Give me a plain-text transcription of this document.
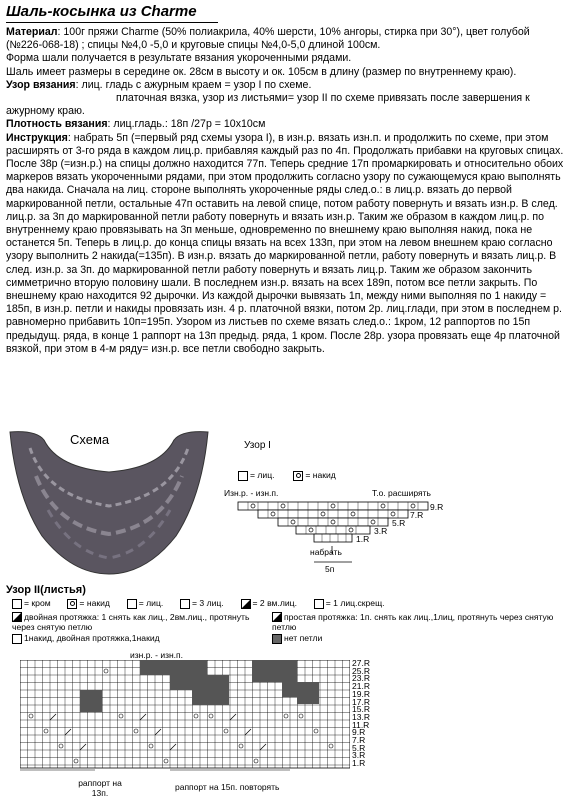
Шаль-косынка из Charme

Материал: 100г пряжи Charme (50% полиакрила, 40% шерсти, 10% ангоры, стирка при 30°), цвет голубой (№226-068-18) ; спицы №4,0 -5,0 и круговые спицы №4,0-5,0 длиной 100см.

Форма шали получается в результате вязания укороченными рядами.

Шаль имеет размеры в середине ок. 28см в высоту и ок. 105см в длину (размер по внутреннему краю).

Узор вязания: лиц. гладь с ажурным краем = узор I по схеме.

платочная вязка, узор из листьями= узор II по схеме привязать после завершения к ажурному краю.

Плотность вязания: лиц.гладь.: 18п /27р = 10х10см

Инструкция: набрать 5п (=первый ряд схемы узора I), в изн.р. вязать изн.п. и продолжить по схеме, при этом расширять от 3-го ряда в каждом лиц.р. прибавляя каждый раз по 4п. Продолжать прибавки на круговых спицах. После 38р (=изн.р.) на спицы должно находится 77п. Теперь средние 17п промаркировать и относительно обоих маркеров вязать укороченными рядами, при этом продолжить согласно узору по сужающемуся краю выполнять два накида. Сначала на лиц. стороне выполнять укороченные ряды след.о.: в лиц.р. вязать до первой маркированной петли, остальные 47п оставить на левой спице, потом работу повернуть и вязать изн.р. В след. лиц.р. за 3п до маркированной петли работу повернуть и вязать изн.р. Таким же образом в каждом лиц.р. по внутреннему краю провязывать на 3п меньше, одновременно по внешнему краю выполняя накид, пока не останется 5п. Теперь в лиц.р. до конца спицы вязать на всех 133п, при этом на левом внешнем краю согласно узору выполнить 2 накида(=135п). В изн.р. вязать до маркированной петли, работу повернуть и вязать лиц.р. В след. изн.р. за 3п. до маркированной петли работу повернуть и вязать лиц.р. Таким же образом закончить симметрично вторую половину шали. В последнем изн.р. вязать на всех 189п, потом все петли закрыть. По внешнему краю находится 92 дырочки. Из каждой дырочки вывязать 1п, между ними выполняя по 1 накиду = 185п, в изн.р. петли и накиды провязать изн. 4 р. платочной вязки, потом 2р. лиц.глади, при этом в последнем р. равномерно прибавить 10п=195п. Узором из листьев по схеме вязать след.о.: 1кром, 12 раппортов по 15п предыдущ. ряда, в конце 1 раппорт на 13п предыд. ряда, 1 кром. После 28р. узора провязать еще 4р платочной вязкой, при этом в 4-м ряду= изн.р. все петли свободно закрыть.

Схема	Узор I
= лиц.	= накид
Изн.р. - изн.п.	Т.о. расширять
9.R
7.R
5.R
3.R
1.R
набрать
5п
Узор II(листья)
= кром	= накид	= лиц.	= 3 лиц.	= 2 вм.лиц.	= 1 лиц.скрещ.
двойная протяжка: 1 снять как лиц., 2вм.лиц., протянуть через снятую петлю
простая протяжка: 1п. снять как лиц.,1лиц, протянуть через снятую петлю
1накид, двойная протяжка,1накид	нет петли
изн.р. - изн.п.
27.R
25.R
23.R
21.R
19.R
17.R
15.R
13.R
11.R
9.R
7.R
5.R
3.R
1.R
раппорт на 13п.
раппорт на 15п. повторять
